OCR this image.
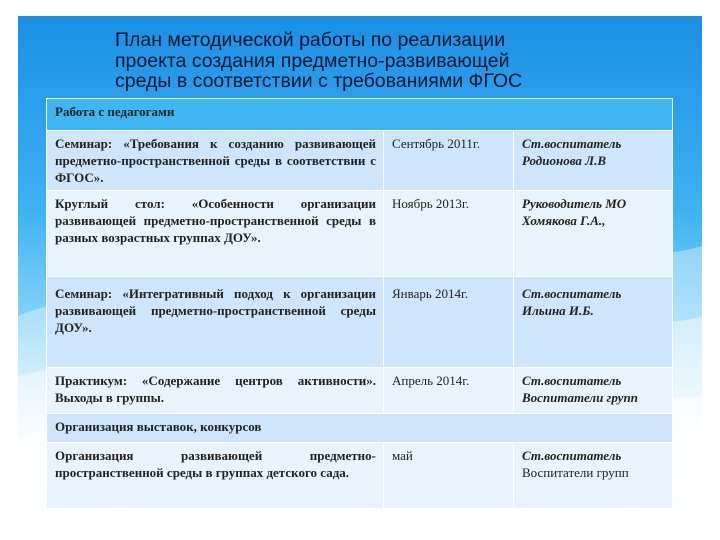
План методической работы по реализации
проекта создания предметно-развивающей
среды в соответствии с требованиями ФГОС
Работа с педагогами		
Семинар: «Требования к созданию развивающей предметно-пространственной среды в соответствии с ФГОС».	Сентябрь 2011г.	Ст.воспитатель
Родионова Л.В

Круглый стол: «Особенности организации развивающей предметно-пространственной среды в разных возрастных группах ДОУ».	Ноябрь 2013г.	Руководитель МО
Хомякова Г.А.,

Семинар: «Интегративный подход к организации развивающей предметно-пространственной среды ДОУ».	Январь 2014г.	Ст.воспитатель
Ильина И.Б.

Практикум: «Содержание центров активности». Выходы в группы.	Апрель 2014г.	Ст.воспитатель
Воспитатели групп

Организация выставок, конкурсов		
Организация развивающей предметно-пространственной среды в группах детского сада.	май	Ст.воспитатель
Воспитатели групп
